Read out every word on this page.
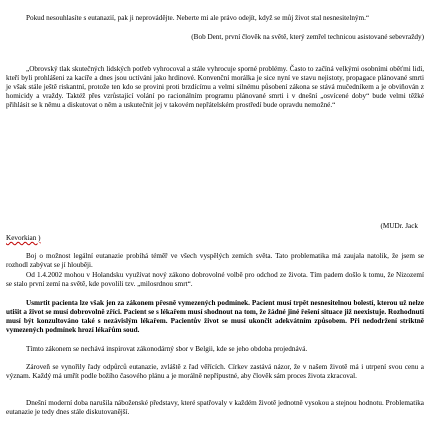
Pokud nesouhlasíte s eutanazií, pak ji neprovádějte. Neberte mi ale právo odejít, když se můj život stal nesnesitelným.“

(Bob Dent, první člověk na světě, který zemřel technicou asistované sebevraždy)

„Obrovský tlak skutečných lidských potřeb vyhrocoval a stále vyhrocuje sporné problémy. Často to začíná velkými osobními oběťmi lidí, kteří byli prohlášeni za kacíře a dnes jsou uctíváni jako hrdinové. Konvenční morálka je sice nyní ve stavu nejistoty, propagace plánované smrti je však stále ještě riskantní, protože ten kdo se provini proti brzdícímu a velmi silnému působení zákona se stává mučedníkem a je obviňován z homicidy a vraždy. Taktéž přes vzrůstající volání po racionálním programu plánované smrti i v dnešní „osvícené doby“ bude velmi těžké přihlásit se k němu a diskutovat o něm a uskutečnit jej v takovém nepřátelském prostředí bude opravdu nemožné.“

(MUDr. Jack

Kevorkian )

Boj o možnost legální eutanazie probíhá téměř ve všech vyspělých zemích světa. Tato problematika má zaujala natolik, že jsem se rozhodl zabývat se jí hlouběji.

Od 1.4.2002 mohou v Holandsku využívat nový zákono dobrovolné volbě pro odchod ze života. Tím padem došlo k tomu, že Nizozemí se stalo první zemí na světě, kde povolili tzv. „milosrdnou smrt“.

Usmrtit pacienta lze však jen za zákonem přesně vymezených podmínek. Pacient musí trpět nesnesitelnou bolestí, kterou už nelze utišit a život se musí dobrovolně zříci. Pacient se s lékařem musí shodnout na tom, že žádné jiné řešení situace již neexistuje. Rozhodnutí musí být konzultováno také s nezávislým lékařem. Pacientův život se musí ukončit adekvátním způsobem. Při nedodržení striktně vymezených podmínek hrozí lékařům soud.

Tímto zákonem se nechává inspirovat zákonodárný sbor v Belgii, kde se jeho obdoba projednává.

Zároveň se vynořily řady odpůrců eutanazie, zvláště z řad věřících. Církev zastává názor, že v našem životě má i utrpení svou cenu a význam. Každý má umřít podle božího časového plánu a je morálně nepřípustné, aby člověk sám proces života zkracoval.

Dnešní moderní doba narušila náboženské představy, které spatřovaly v každém životě jednotně vysokou a stejnou hodnotu. Problematika eutanazie je tedy dnes stále diskutovanější.
